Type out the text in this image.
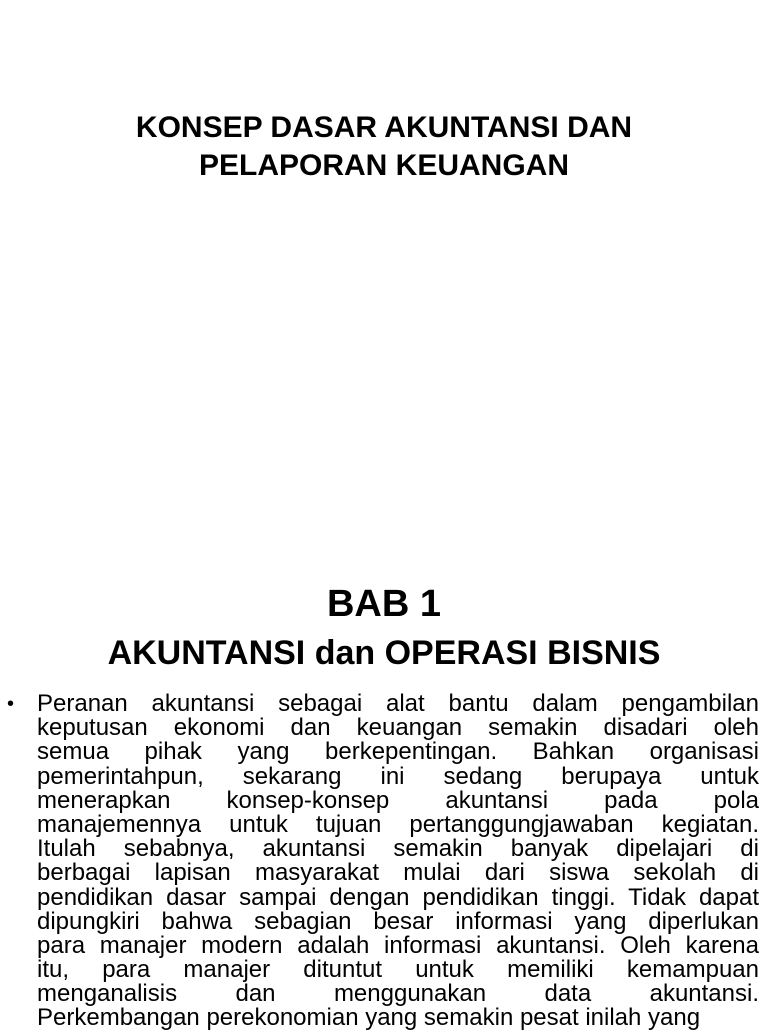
KONSEP DASAR AKUNTANSI DAN
PELAPORAN KEUANGAN
BAB 1
AKUNTANSI dan OPERASI BISNIS
• Peranan akuntansi sebagai alat bantu dalam pengambilan
keputusan ekonomi dan keuangan semakin disadari oleh
semua pihak yang berkepentingan. Bahkan organisasi
pemerintahpun, sekarang ini sedang berupaya untuk
menerapkan konsep-konsep akuntansi pada pola
manajemennya untuk tujuan pertanggungjawaban kegiatan.
Itulah sebabnya, akuntansi semakin banyak dipelajari di
berbagai lapisan masyarakat mulai dari siswa sekolah di
pendidikan dasar sampai dengan pendidikan tinggi. Tidak dapat
dipungkiri bahwa sebagian besar informasi yang diperlukan
para manajer modern adalah informasi akuntansi. Oleh karena
itu, para manajer dituntut untuk memiliki kemampuan
menganalisis dan menggunakan data akuntansi.
Perkembangan perekonomian yang semakin pesat inilah yang
